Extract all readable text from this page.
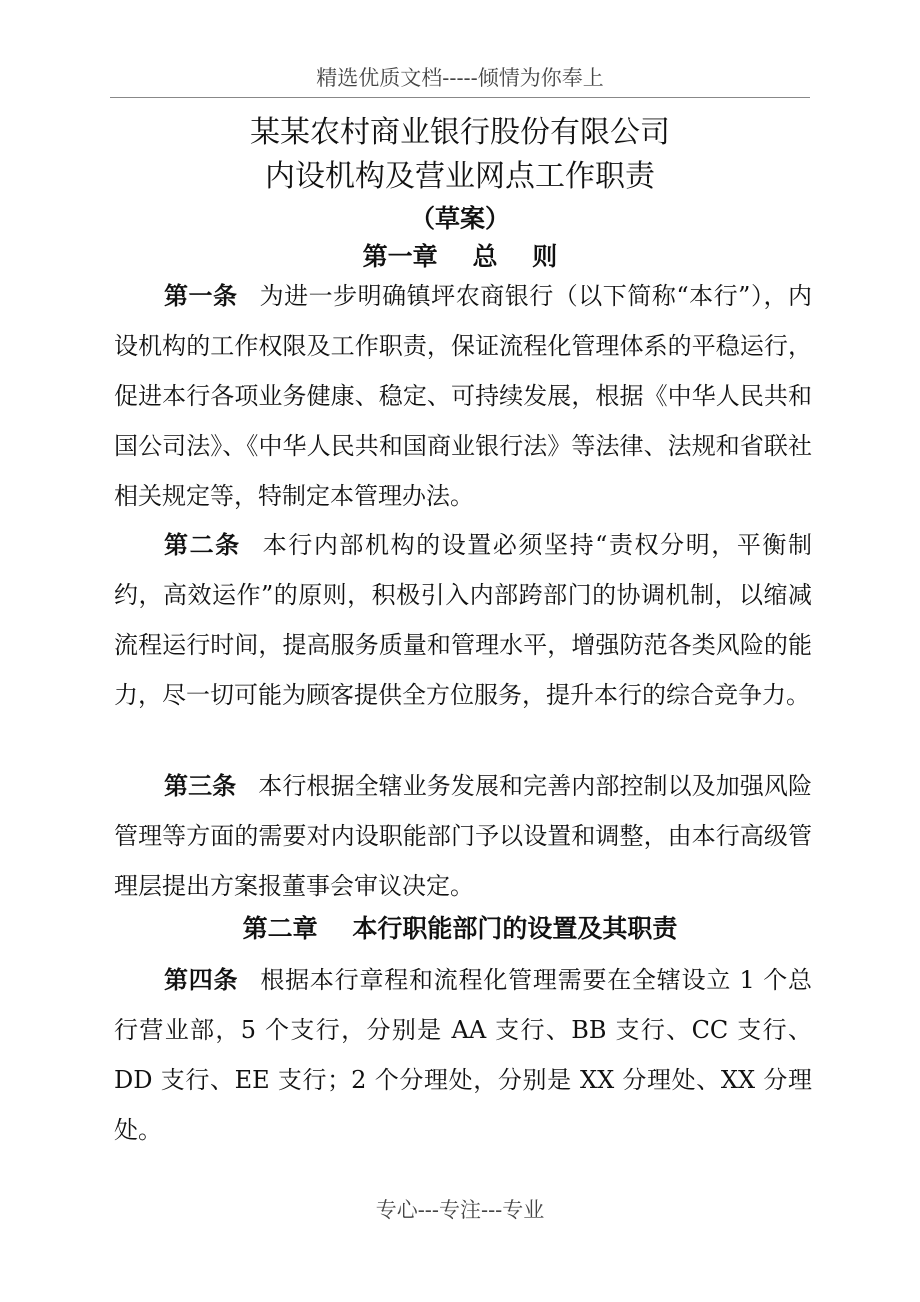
精选优质文档-----倾情为你奉上
某某农村商业银行股份有限公司
内设机构及营业网点工作职责
（草案）
第一章    总    则

第一条 为进一步明确镇坪农商银行（以下简称“本行”），内设机构的工作权限及工作职责，保证流程化管理体系的平稳运行，促进本行各项业务健康、稳定、可持续发展，根据《中华人民共和国公司法》、《中华人民共和国商业银行法》等法律、法规和省联社相关规定等，特制定本管理办法。

第二条 本行内部机构的设置必须坚持“责权分明，平衡制约，高效运作”的原则，积极引入内部跨部门的协调机制，以缩减流程运行时间，提高服务质量和管理水平，增强防范各类风险的能力，尽一切可能为顾客提供全方位服务，提升本行的综合竞争力。

第三条 本行根据全辖业务发展和完善内部控制以及加强风险管理等方面的需要对内设职能部门予以设置和调整，由本行高级管理层提出方案报董事会审议决定。

第二章    本行职能部门的设置及其职责

第四条 根据本行章程和流程化管理需要在全辖设立 1 个总行营业部，5 个支行，分别是 AA 支行、BB 支行、CC 支行、DD 支行、EE 支行；2 个分理处，分别是 XX 分理处、XX 分理处。

专心---专注---专业
